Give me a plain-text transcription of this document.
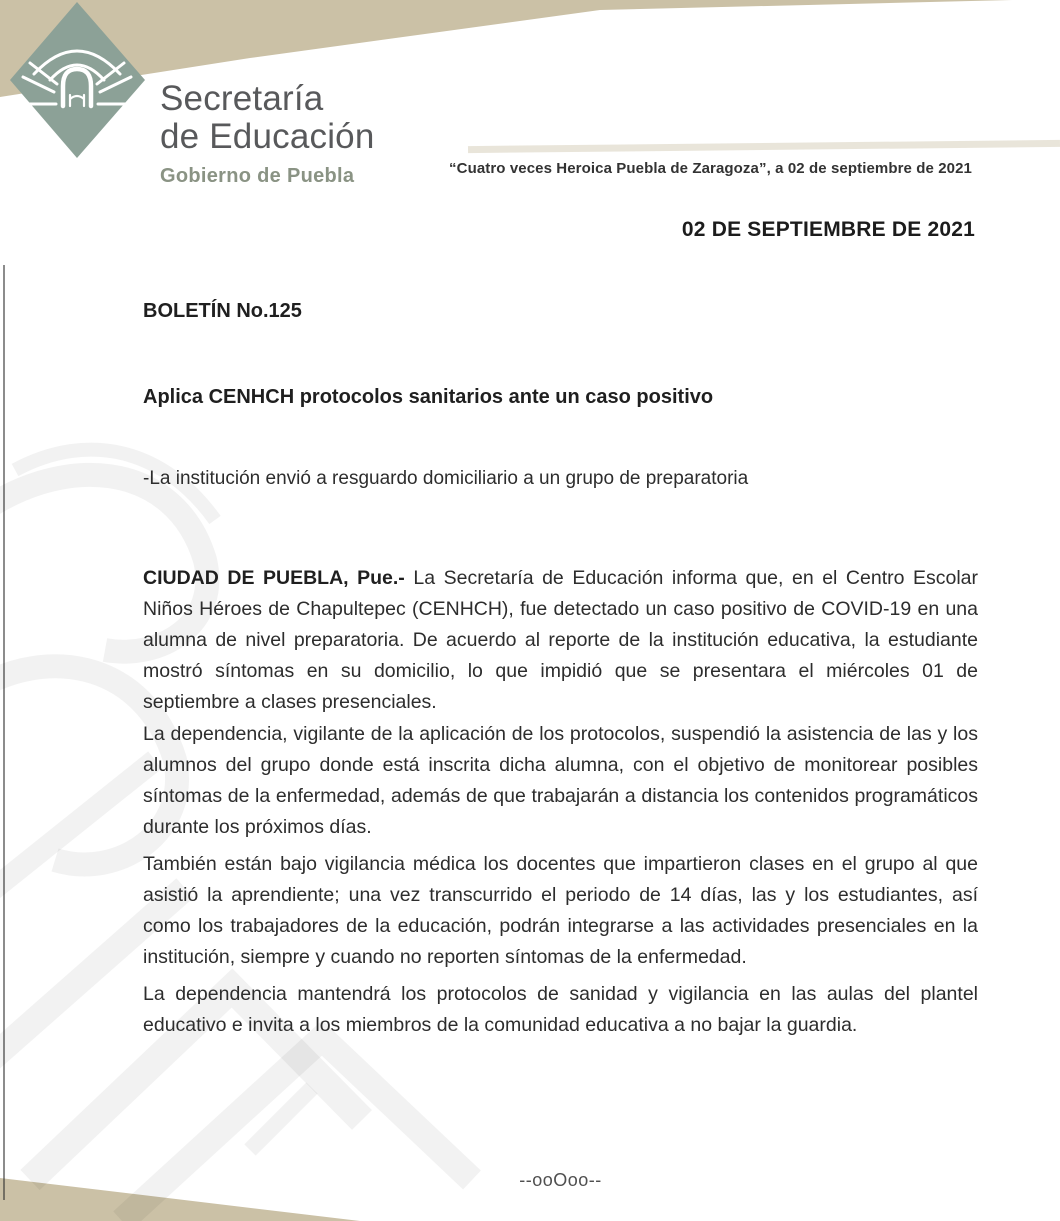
Secretaría
de Educación
Gobierno de Puebla	“Cuatro veces Heroica Puebla de Zaragoza”, a 02 de septiembre de 2021
02 DE SEPTIEMBRE DE 2021
BOLETÍN No.125
Aplica CENHCH protocolos sanitarios ante un caso positivo
-La institución envió a resguardo domiciliario a un grupo de preparatoria

CIUDAD DE PUEBLA, Pue.- La Secretaría de Educación informa que, en el Centro Escolar Niños Héroes de Chapultepec (CENHCH), fue detectado un caso positivo de COVID-19 en una alumna de nivel preparatoria. De acuerdo al reporte de la institución educativa, la estudiante mostró síntomas en su domicilio, lo que impidió que se presentara el miércoles 01 de septiembre a clases presenciales.

La dependencia, vigilante de la aplicación de los protocolos, suspendió la asistencia de las y los alumnos del grupo donde está inscrita dicha alumna, con el objetivo de monitorear posibles síntomas de la enfermedad, además de que trabajarán a distancia los contenidos programáticos durante los próximos días.

También están bajo vigilancia médica los docentes que impartieron clases en el grupo al que asistió la aprendiente; una vez transcurrido el periodo de 14 días, las y los estudiantes, así como los trabajadores de la educación, podrán integrarse a las actividades presenciales en la institución, siempre y cuando no reporten síntomas de la enfermedad.

La dependencia mantendrá los protocolos de sanidad y vigilancia en las aulas del plantel educativo e invita a los miembros de la comunidad educativa a no bajar la guardia.

--ooOoo--
